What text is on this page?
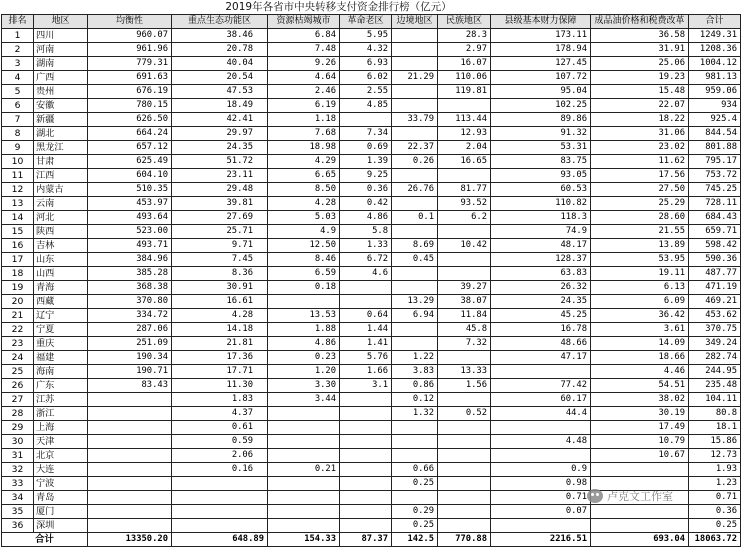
2019年各省市中央转移支付资金排行榜（亿元）
排名	地区	均衡性	重点生态功能区	资源枯竭城市	革命老区	边境地区	民族地区	县级基本财力保障	成品油价格和税费改革	合计
1	四川	960.07	38.46	6.84	5.95		28.3	173.11	36.58	1249.31
2	河南	961.96	20.78	7.48	4.32		2.97	178.94	31.91	1208.36
3	湖南	779.31	40.04	9.26	6.93		16.07	127.45	25.06	1004.12
4	广西	691.63	20.54	4.64	6.02	21.29	110.06	107.72	19.23	981.13
5	贵州	676.19	47.53	2.46	2.55		119.81	95.04	15.48	959.06
6	安徽	780.15	18.49	6.19	4.85			102.25	22.07	934
7	新疆	626.50	42.41	1.18		33.79	113.44	89.86	18.22	925.4
8	湖北	664.24	29.97	7.68	7.34		12.93	91.32	31.06	844.54
9	黑龙江	657.12	24.35	18.98	0.69	22.37	2.04	53.31	23.02	801.88
10	甘肃	625.49	51.72	4.29	1.39	0.26	16.65	83.75	11.62	795.17
11	江西	604.10	23.11	6.65	9.25			93.05	17.56	753.72
12	内蒙古	510.35	29.48	8.50	0.36	26.76	81.77	60.53	27.50	745.25
13	云南	453.97	39.81	4.28	0.42		93.52	110.82	25.29	728.11
14	河北	493.64	27.69	5.03	4.86	0.1	6.2	118.3	28.60	684.43
15	陕西	523.00	25.71	4.9	5.8			74.9	21.55	659.71
16	吉林	493.71	9.71	12.50	1.33	8.69	10.42	48.17	13.89	598.42
17	山东	384.96	7.45	8.46	6.72	0.45		128.37	53.95	590.36
18	山西	385.28	8.36	6.59	4.6			63.83	19.11	487.77
19	青海	368.38	30.91	0.18			39.27	26.32	6.13	471.19
20	西藏	370.80	16.61			13.29	38.07	24.35	6.09	469.21
21	辽宁	334.72	4.28	13.53	0.64	6.94	11.84	45.25	36.42	453.62
22	宁夏	287.06	14.18	1.88	1.44		45.8	16.78	3.61	370.75
23	重庆	251.09	21.81	4.86	1.41		7.32	48.66	14.09	349.24
24	福建	190.34	17.36	0.23	5.76	1.22		47.17	18.66	282.74
25	海南	190.71	17.71	1.20	1.66	3.83	13.33		4.46	244.95
26	广东	83.43	11.30	3.30	3.1	0.86	1.56	77.42	54.51	235.48
27	江苏		1.83	3.44		0.12		60.17	38.02	104.11
28	浙江		4.37			1.32	0.52	44.4	30.19	80.8
29	上海		0.61						17.49	18.1
30	天津		0.59					4.48	10.79	15.86
31	北京		2.06						10.67	12.73
32	大连		0.16	0.21		0.66		0.9		1.93
33	宁波					0.25		0.98		1.23
34	青岛							0.71		0.71
35	厦门					0.29		0.07		0.36
36	深圳					0.25				0.25
合计		13350.20	648.89	154.33	87.37	142.5	770.88	2216.51	693.04	18063.72
卢克文工作室
